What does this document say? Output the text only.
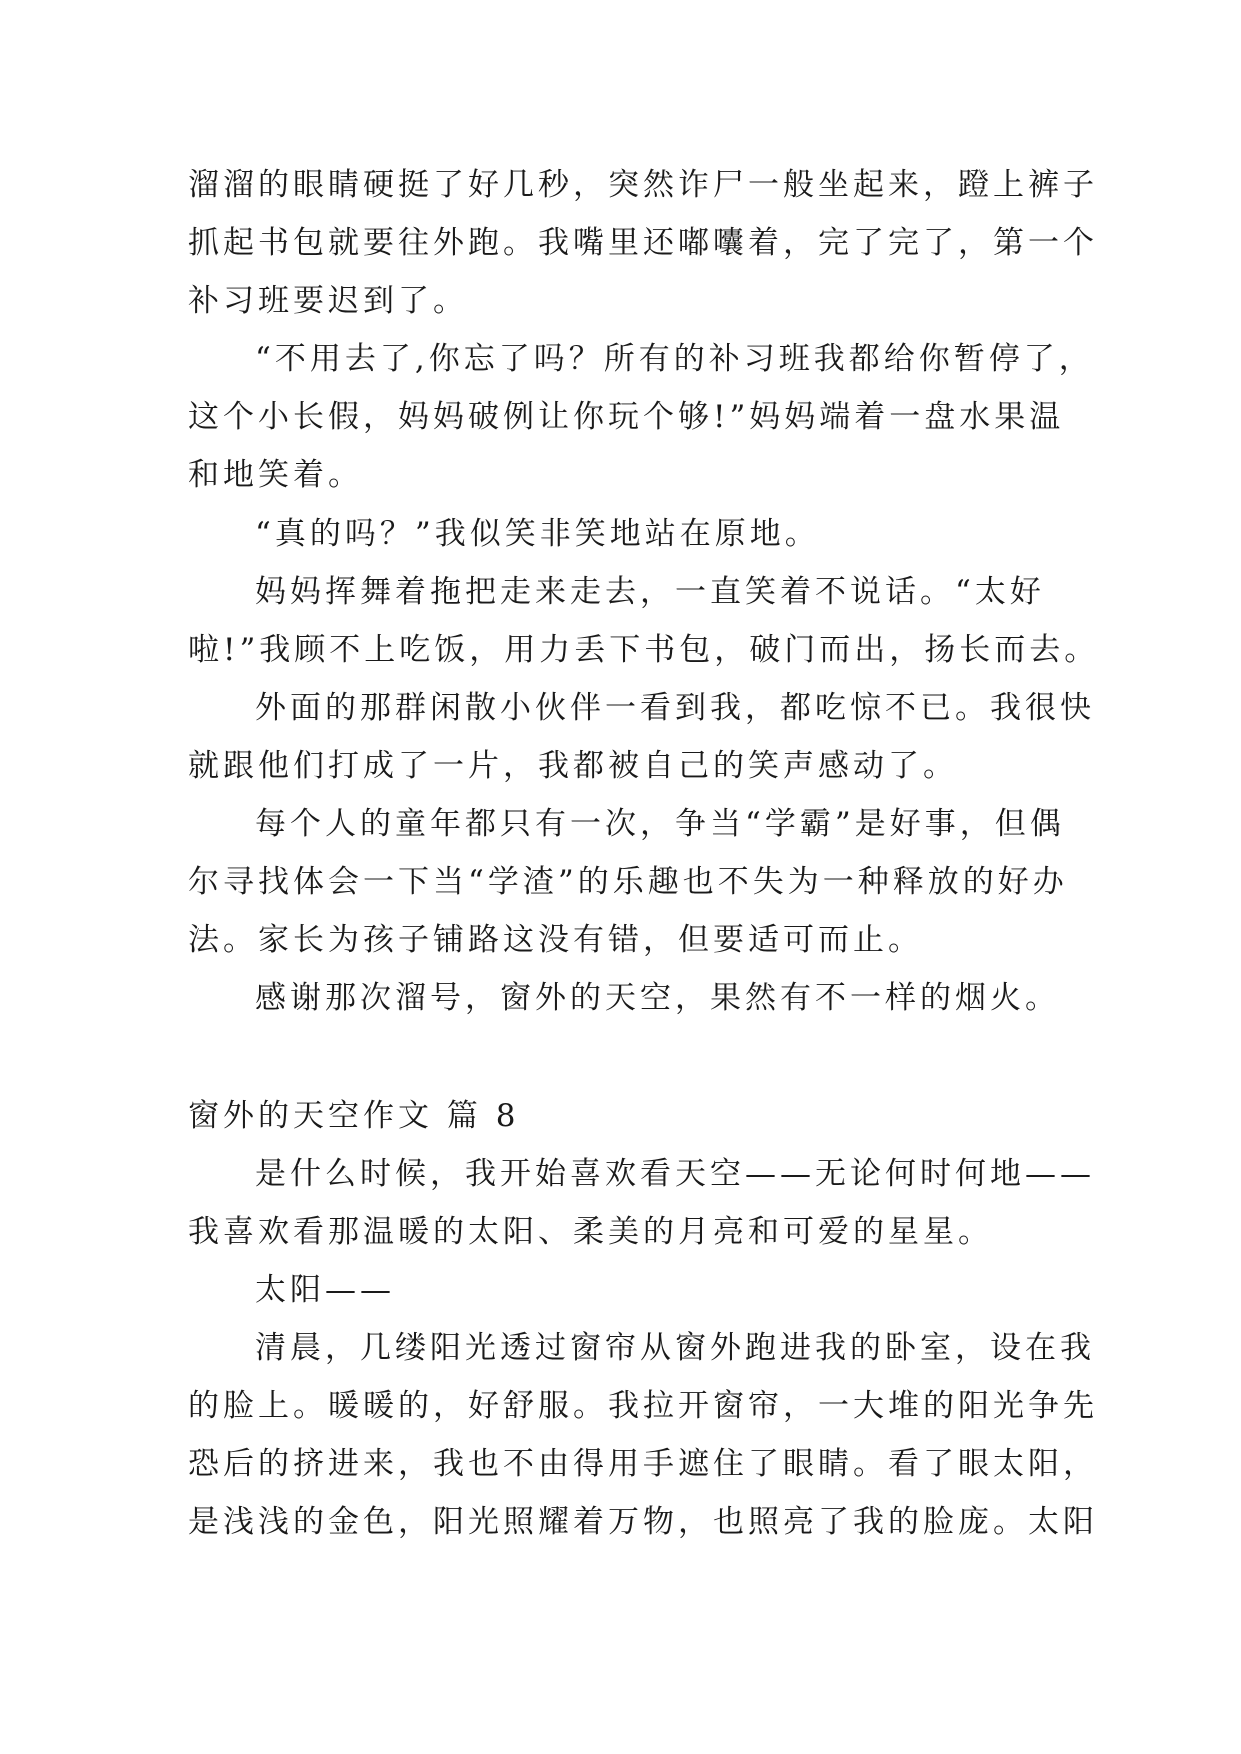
溜溜的眼睛硬挺了好几秒，突然诈尸一般坐起来，蹬上裤子
抓起书包就要往外跑。我嘴里还嘟囔着，完了完了，第一个
补习班要迟到了。
“不用去了,你忘了吗？所有的补习班我都给你暂停了，
这个小长假，妈妈破例让你玩个够!”妈妈端着一盘水果温
和地笑着。
“真的吗？”我似笑非笑地站在原地。
妈妈挥舞着拖把走来走去，一直笑着不说话。“太好
啦!”我顾不上吃饭，用力丢下书包，破门而出，扬长而去。
外面的那群闲散小伙伴一看到我，都吃惊不已。我很快
就跟他们打成了一片，我都被自己的笑声感动了。
每个人的童年都只有一次，争当“学霸”是好事，但偶
尔寻找体会一下当“学渣”的乐趣也不失为一种释放的好办
法。家长为孩子铺路这没有错，但要适可而止。
感谢那次溜号，窗外的天空，果然有不一样的烟火。
窗外的天空作文 篇 8
是什么时候，我开始喜欢看天空——无论何时何地——
我喜欢看那温暖的太阳、柔美的月亮和可爱的星星。
太阳——
清晨，几缕阳光透过窗帘从窗外跑进我的卧室，设在我
的脸上。暖暖的，好舒服。我拉开窗帘，一大堆的阳光争先
恐后的挤进来，我也不由得用手遮住了眼睛。看了眼太阳，
是浅浅的金色，阳光照耀着万物，也照亮了我的脸庞。太阳
